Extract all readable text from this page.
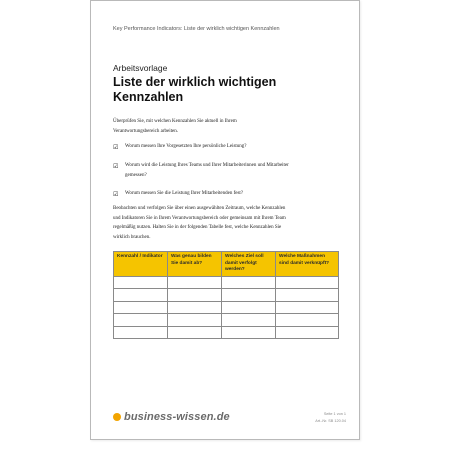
Key Performance Indicators: Liste der wirklich wichtigen Kennzahlen
Arbeitsvorlage
Liste der wirklich wichtigen Kennzahlen
Überprüfen Sie, mit welchen Kennzahlen Sie aktuell in Ihrem Verantwortungsbereich arbeiten.
☑ Worum messen Ihre Vorgesetzten Ihre persönliche Leistung?
☑ Worum wird die Leistung Ihres Teams und Ihrer Mitarbeiterinnen und Mitarbeiter gemessen?
☑ Worum messen Sie die Leistung Ihrer Mitarbeitenden fest?
Beobachten und verfolgen Sie über einen ausgewählten Zeitraum, welche Kennzahlen und Indikatoren Sie in Ihrem Verantwortungsbereich oder gemeinsam mit Ihrem Team regelmäßig nutzen. Halten Sie in der folgenden Tabelle fest, welche Kennzahlen Sie wirklich brauchen.
Kennzahl / Indikator	Was genau bilden Sie damit ab?	Welches Ziel soll damit verfolgt werden?	Welche Maßnahmen sind damit verknüpft?

business-wissen.de	Seite 1 von 1
Art.-Nr. SB 120.04
